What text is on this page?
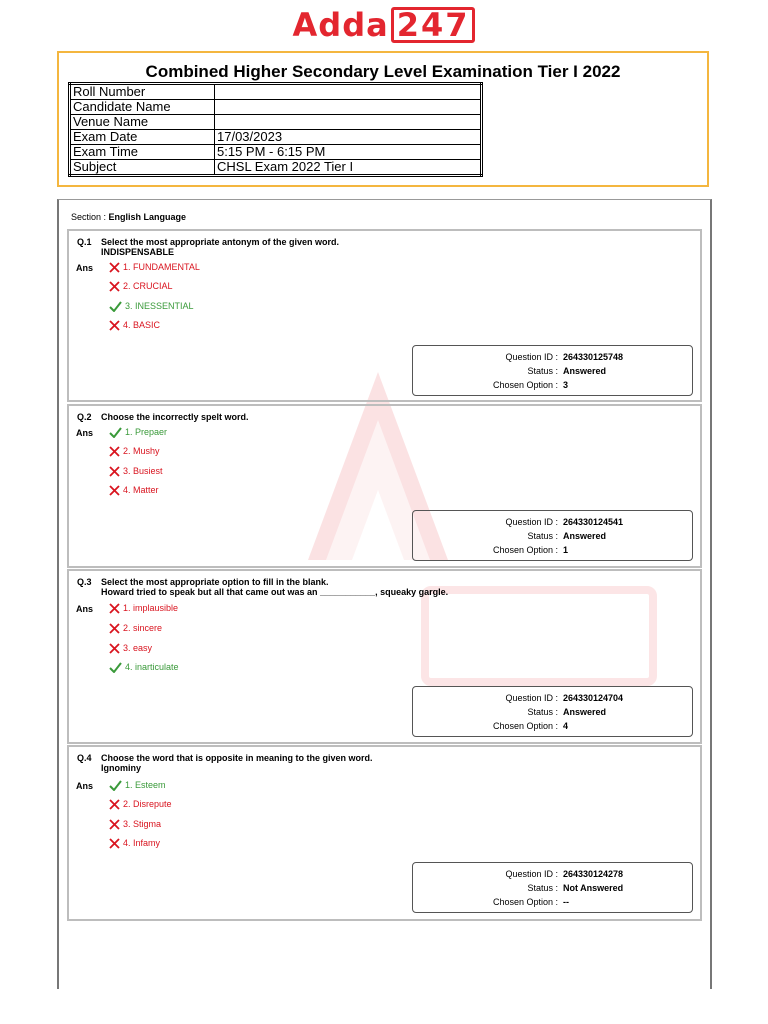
Adda 247
Combined Higher Secondary Level Examination Tier I 2022
Roll Number	
Candidate Name	
Venue Name	
Exam Date	17/03/2023
Exam Time	5:15 PM - 6:15 PM
Subject	CHSL Exam 2022 Tier I
Section : English Language
Q.1 Select the most appropriate antonym of the given word.
INDISPENSABLE
Ans	1. FUNDAMENTAL
2. CRUCIAL
3. INESSENTIAL
4. BASIC
Question ID : 264330125748
Status : Answered
Chosen Option : 3
Q.2 Choose the incorrectly spelt word.
Ans	1. Prepaer
2. Mushy
3. Busiest
4. Matter
Question ID : 264330124541
Status : Answered
Chosen Option : 1
Q.3 Select the most appropriate option to fill in the blank.
Howard tried to speak but all that came out was an ___________, squeaky gargle.
Ans	1. implausible
2. sincere
3. easy
4. inarticulate
Question ID : 264330124704
Status : Answered
Chosen Option : 4
Q.4 Choose the word that is opposite in meaning to the given word.
Ignominy
Ans	1. Esteem
2. Disrepute
3. Stigma
4. Infamy
Question ID : 264330124278
Status : Not Answered
Chosen Option : --
